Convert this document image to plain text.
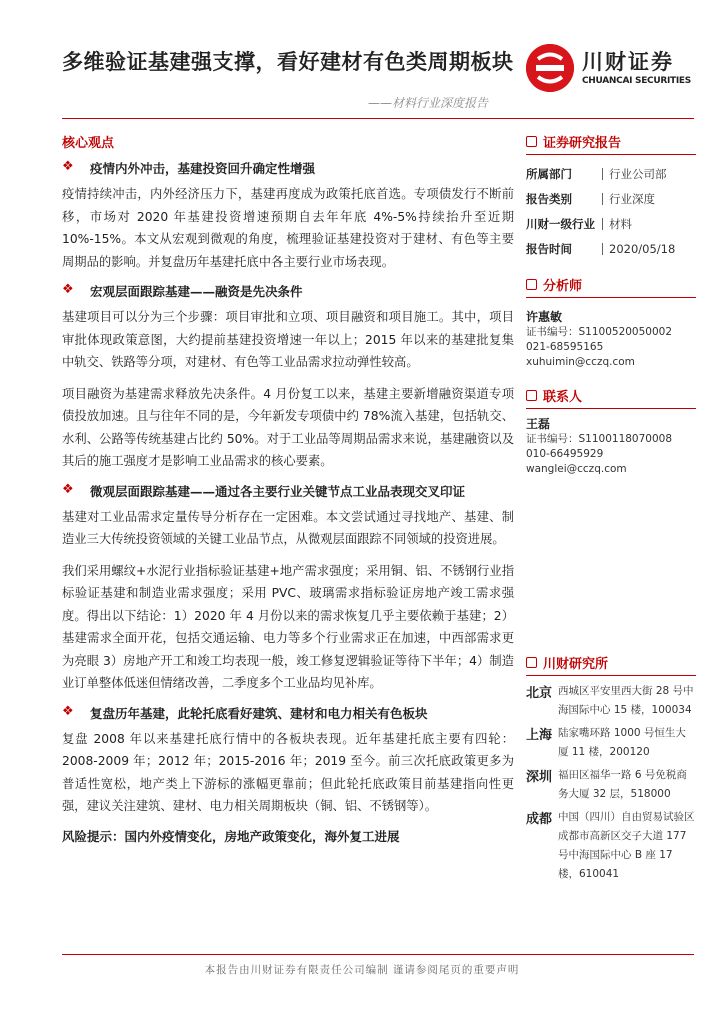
多维验证基建强支撑，看好建材有色类周期板块
——材料行业深度报告
川财证券
CHUANCAI SECURITIES
核心观点
❖	疫情内外冲击，基建投资回升确定性增强

疫情持续冲击，内外经济压力下，基建再度成为政策托底首选。专项债发行不断前移，市场对 2020 年基建投资增速预期自去年年底 4%-5%持续抬升至近期 10%-15%。本文从宏观到微观的角度，梳理验证基建投资对于建材、有色等主要周期品的影响。并复盘历年基建托底中各主要行业市场表现。

❖	宏观层面跟踪基建——融资是先决条件

基建项目可以分为三个步骤：项目审批和立项、项目融资和项目施工。其中，项目审批体现政策意图，大约提前基建投资增速一年以上；2015 年以来的基建批复集中轨交、铁路等分项，对建材、有色等工业品需求拉动弹性较高。

项目融资为基建需求释放先决条件。4 月份复工以来，基建主要新增融资渠道专项债投放加速。且与往年不同的是，今年新发专项债中约 78%流入基建，包括轨交、水利、公路等传统基建占比约 50%。对于工业品等周期品需求来说，基建融资以及其后的施工强度才是影响工业品需求的核心要素。

❖	微观层面跟踪基建——通过各主要行业关键节点工业品表现交叉印证

基建对工业品需求定量传导分析存在一定困难。本文尝试通过寻找地产、基建、制造业三大传统投资领域的关键工业品节点，从微观层面跟踪不同领域的投资进展。

我们采用螺纹+水泥行业指标验证基建+地产需求强度；采用铜、铝、不锈钢行业指标验证基建和制造业需求强度；采用 PVC、玻璃需求指标验证房地产竣工需求强度。得出以下结论：1）2020 年 4 月份以来的需求恢复几乎主要依赖于基建；2）基建需求全面开花，包括交通运输、电力等多个行业需求正在加速，中西部需求更为亮眼 3）房地产开工和竣工均表现一般，竣工修复逻辑验证等待下半年；4）制造业订单整体低迷但情绪改善，二季度多个工业品均见补库。

❖	复盘历年基建，此轮托底看好建筑、建材和电力相关有色板块

复盘 2008 年以来基建托底行情中的各板块表现。近年基建托底主要有四轮：2008-2009 年；2012 年；2015-2016 年；2019 至今。前三次托底政策更多为普适性宽松，地产类上下游标的涨幅更靠前；但此轮托底政策目前基建指向性更强，建议关注建筑、建材、电力相关周期板块（铜、铝、不锈钢等）。

风险提示：国内外疫情变化，房地产政策变化，海外复工进展
证券研究报告
所属部门	行业公司部
报告类别	行业深度
川财一级行业	材料
报告时间	2020/05/18
分析师
许惠敏
证书编号：S1100520050002
021-68595165
xuhuimin@cczq.com
联系人
王磊
证书编号：S1100118070008
010-66495929
wanglei@cczq.com
川财研究所
北京 西城区平安里西大街 28 号中海国际中心 15 楼，100034
上海 陆家嘴环路 1000 号恒生大厦 11 楼，200120
深圳 福田区福华一路 6 号免税商务大厦 32 层，518000
成都 中国（四川）自由贸易试验区成都市高新区交子大道 177 号中海国际中心 B 座 17 楼，610041
本报告由川财证券有限责任公司编制 谨请参阅尾页的重要声明
